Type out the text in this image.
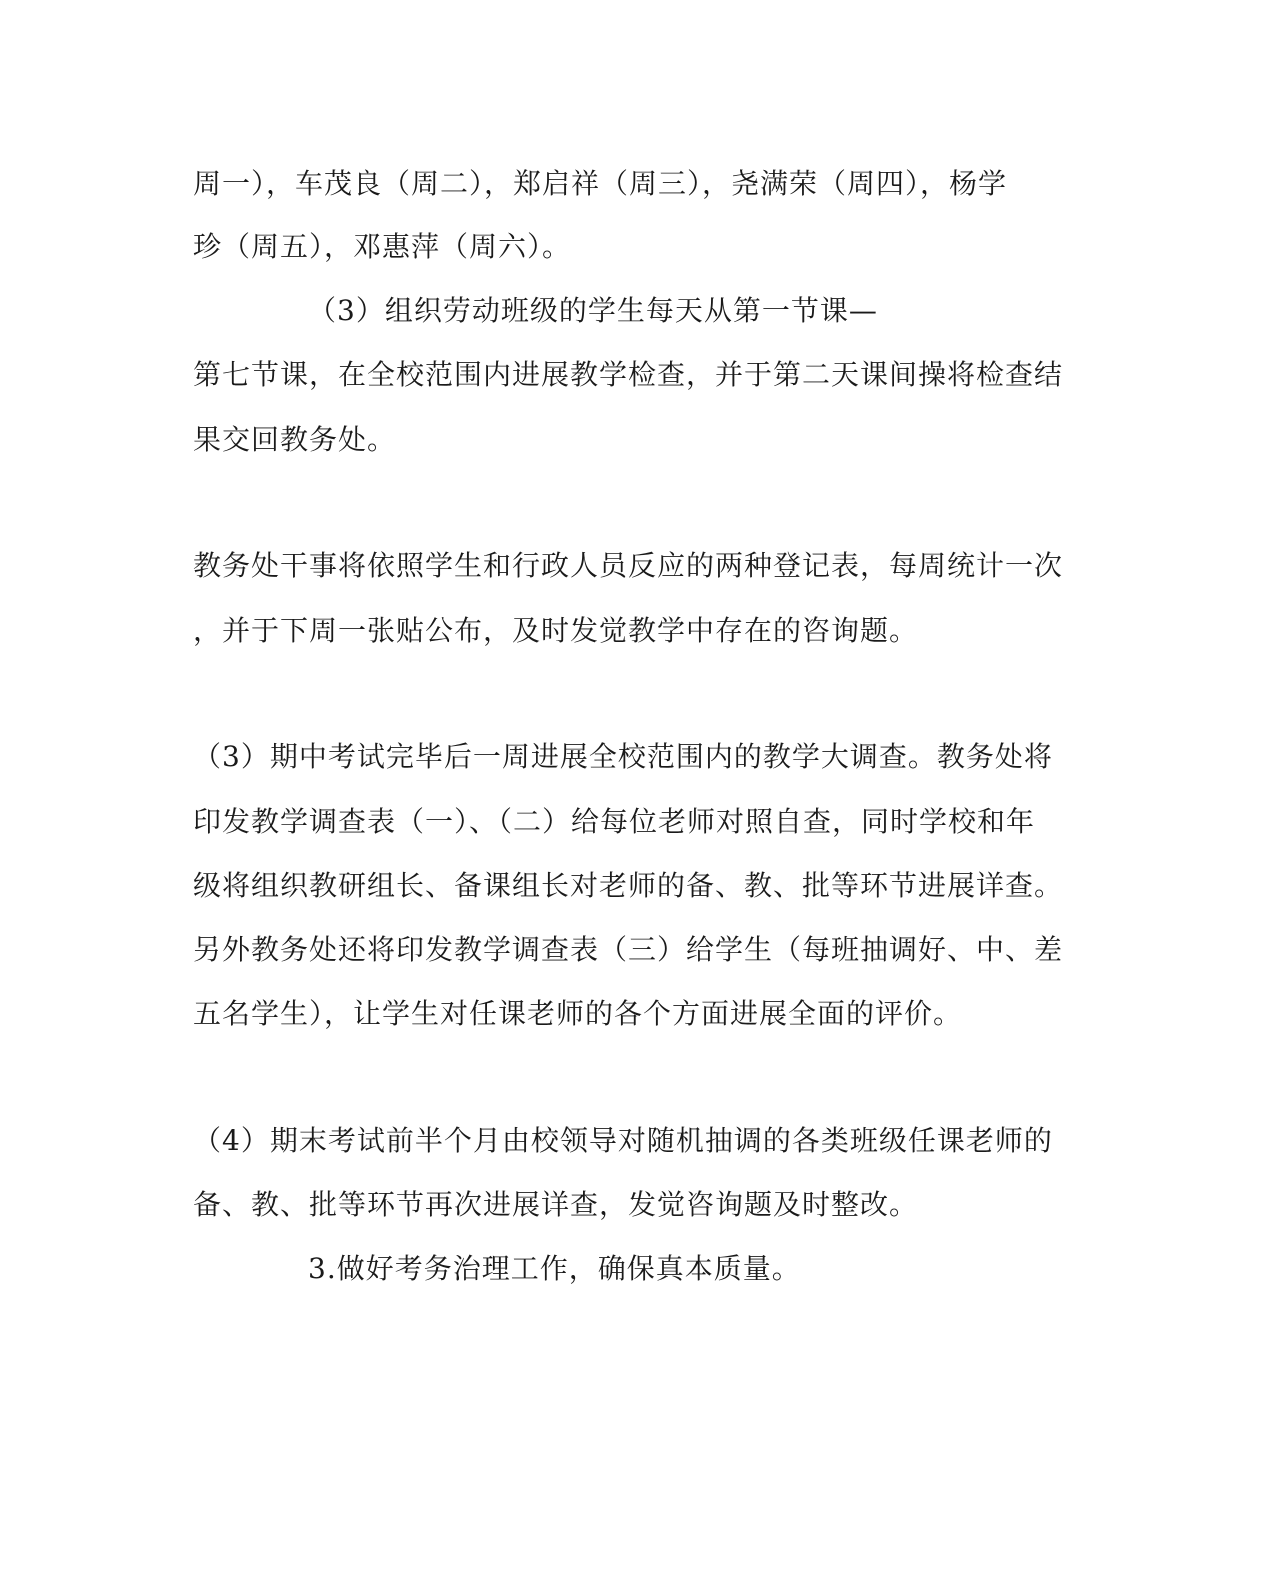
周一），车茂良（周二），郑启祥（周三），尧满荣（周四），杨学
珍（周五），邓惠萍（周六）。
（3）组织劳动班级的学生每天从第一节课—
第七节课，在全校范围内进展教学检查，并于第二天课间操将检查结
果交回教务处。
教务处干事将依照学生和行政人员反应的两种登记表，每周统计一次
，并于下周一张贴公布，及时发觉教学中存在的咨询题。
（3）期中考试完毕后一周进展全校范围内的教学大调查。教务处将
印发教学调查表（一）、（二）给每位老师对照自查，同时学校和年
级将组织教研组长、备课组长对老师的备、教、批等环节进展详查。
另外教务处还将印发教学调查表（三）给学生（每班抽调好、中、差
五名学生），让学生对任课老师的各个方面进展全面的评价。
（4）期末考试前半个月由校领导对随机抽调的各类班级任课老师的
备、教、批等环节再次进展详查，发觉咨询题及时整改。
3.做好考务治理工作，确保真本质量。
